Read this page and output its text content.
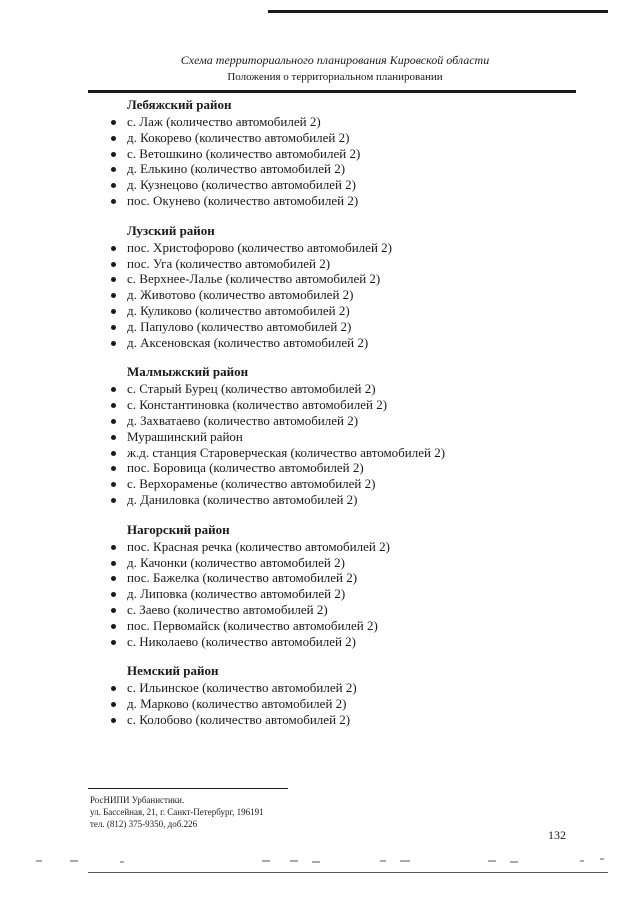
Схема территориального планирования Кировской области
Положения о территориальном планировании
Лебяжский район
с. Лаж (количество автомобилей 2)
д. Кокорево (количество автомобилей 2)
с. Ветошкино (количество автомобилей 2)
д. Елькино (количество автомобилей 2)
д. Кузнецово (количество автомобилей 2)
пос. Окунево (количество автомобилей 2)
Лузский район
пос. Христофорово (количество автомобилей 2)
пос. Уга (количество автомобилей 2)
с. Верхнее-Лалье (количество автомобилей 2)
д. Животово (количество автомобилей 2)
д. Куликово (количество автомобилей 2)
д. Папулово (количество автомобилей 2)
д. Аксеновская (количество автомобилей 2)
Малмыжский район
с. Старый Бурец (количество автомобилей 2)
с. Константиновка (количество автомобилей 2)
д. Захватаево (количество автомобилей 2)
Мурашинский район
ж.д. станция Староверческая (количество автомобилей 2)
пос. Боровица (количество автомобилей 2)
с. Верхораменье (количество автомобилей 2)
д. Даниловка (количество автомобилей 2)
Нагорский район
пос. Красная речка (количество автомобилей 2)
д. Качонки (количество автомобилей 2)
пос. Бажелка (количество автомобилей 2)
д. Липовка (количество автомобилей 2)
с. Заево (количество автомобилей 2)
пос. Первомайск (количество автомобилей 2)
с. Николаево (количество автомобилей 2)
Немский район
с. Ильинское (количество автомобилей 2)
д. Марково (количество автомобилей 2)
с. Колобово (количество автомобилей 2)
РосНИПИ Урбанистики.
ул. Бассейная, 21, г. Санкт-Петербург, 196191
тел. (812) 375-9350, доб.226
132
